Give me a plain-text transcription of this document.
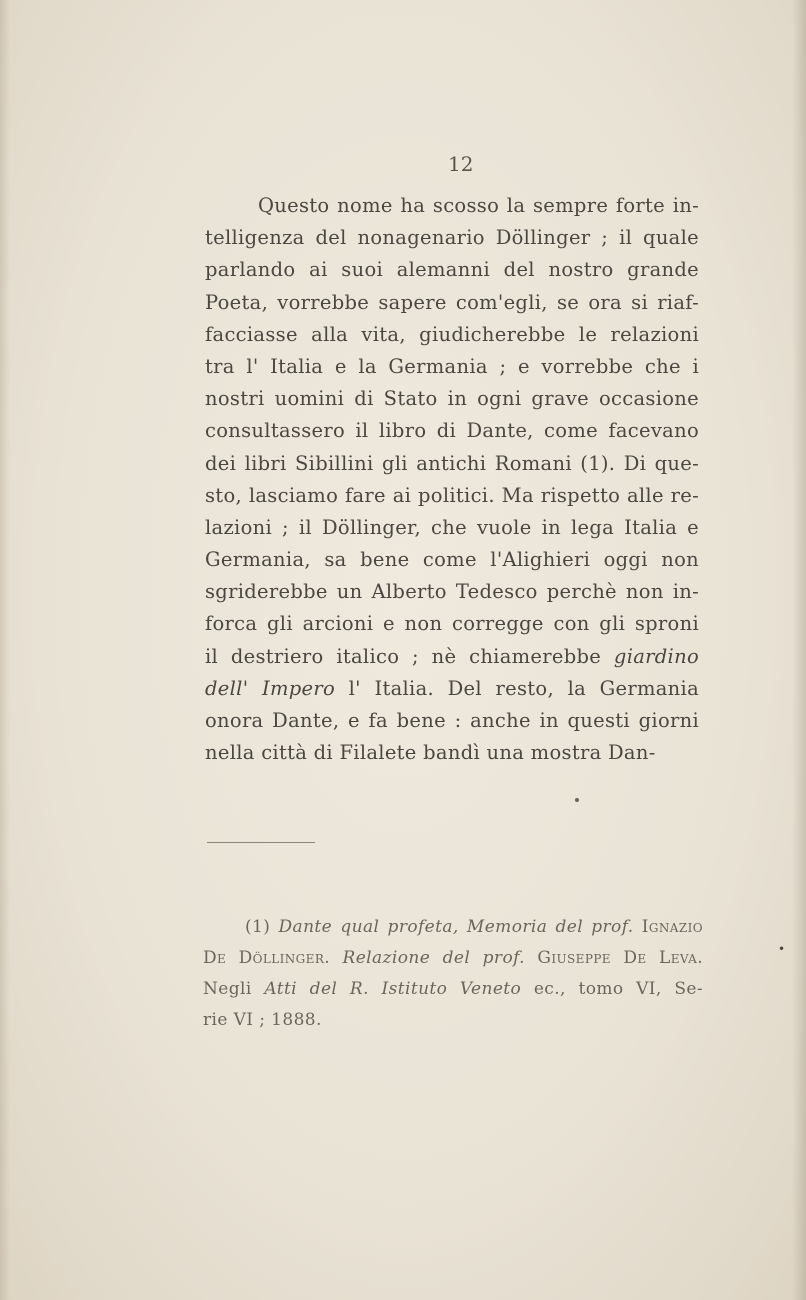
12
Questo nome ha scosso la sempre forte in-
telligenza del nonagenario Döllinger ; il quale
parlando ai suoi alemanni del nostro grande
Poeta, vorrebbe sapere com'egli, se ora si riaf-
facciasse alla vita, giudicherebbe le relazioni
tra l' Italia e la Germania ; e vorrebbe che i
nostri uomini di Stato in ogni grave occasione
consultassero il libro di Dante, come facevano
dei libri Sibillini gli antichi Romani (1). Di que-
sto, lasciamo fare ai politici. Ma rispetto alle re-
lazioni ; il Döllinger, che vuole in lega Italia e
Germania, sa bene come l'Alighieri oggi non
sgriderebbe un Alberto Tedesco perchè non in-
forca gli arcioni e non corregge con gli sproni
il destriero italico ; nè chiamerebbe giardino
dell' Impero l' Italia. Del resto, la Germania
onora Dante, e fa bene : anche in questi giorni
nella città di Filalete bandì una mostra Dan-
(1) Dante qual profeta, Memoria del prof. Ignazio
De Döllinger. Relazione del prof. Giuseppe De Leva.
Negli Atti del R. Istituto Veneto ec., tomo VI, Se-
rie VI ; 1888.
•
